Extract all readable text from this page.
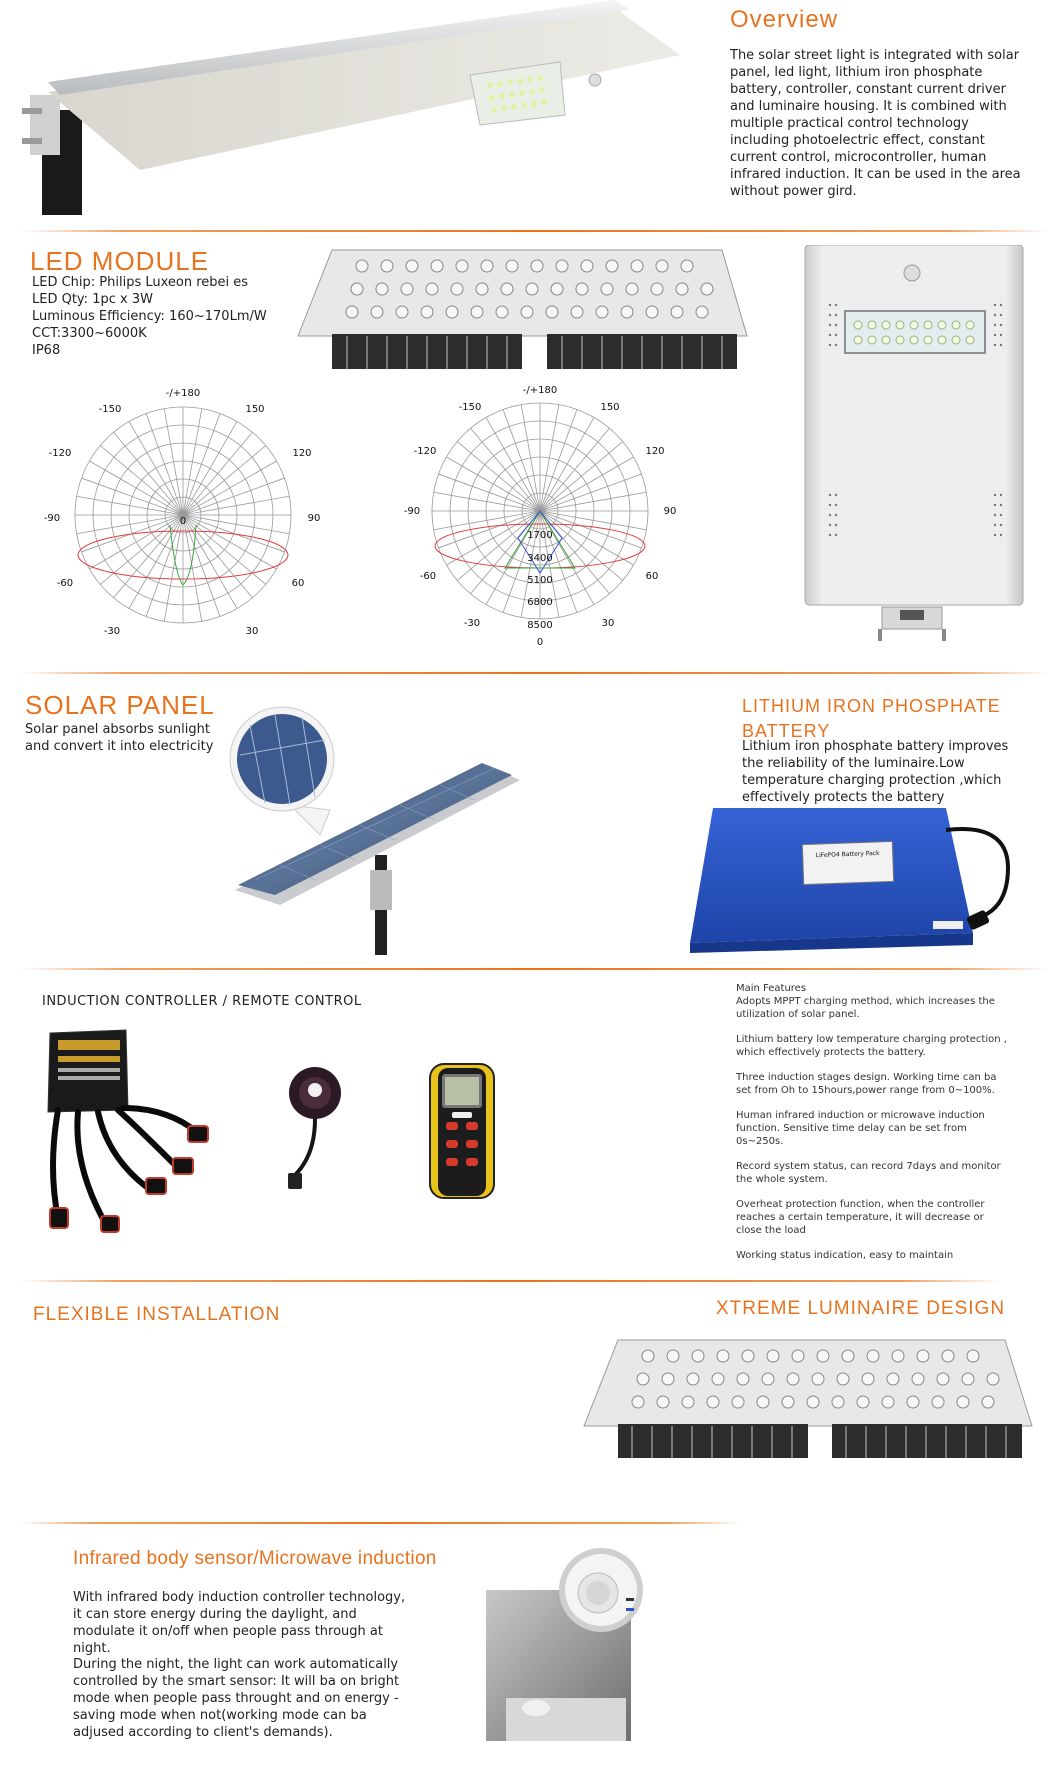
Overview

The solar street light is integrated with solar panel, led light, lithium iron phosphate battery, controller, constant current driver and luminaire housing. It is combined with multiple practical control technology including photoelectric effect, constant current control, microcontroller, human infrared induction. It can be used in the area without power gird.

LED MODULE
LED Chip: Philips Luxeon rebei es
LED Qty: 1pc x 3W
Luminous Efficiency: 160~170Lm/W
CCT:3300~6000K
IP68
-/+180
-150	150
-120	120
-90	90
-60	60
-30	30
0
-/+180
-150	150
-120	120
-90	90
-60	60
-30	30
0
1700
3400
5100
6800
8500
SOLAR PANEL

Solar panel absorbs sunlight and convert it into electricity

LITHIUM IRON PHOSPHATE BATTERY

Lithium iron phosphate battery improves the reliability of the luminaire.Low temperature charging protection ,which effectively protects the battery

LiFePO4 Battery Pack
INDUCTION CONTROLLER / REMOTE CONTROL
Main Features

Adopts MPPT charging method, which increases the utilization of solar panel.

Lithium battery low temperature charging protection , which effectively protects the battery.

Three induction stages design. Working time can ba set from Oh to 15hours,power range from 0~100%.

Human infrared induction or microwave induction function. Sensitive time delay can be set from 0s~250s.

Record system status, can record 7days and monitor the whole system.

Overheat protection function, when the controller reaches a certain temperature, it will decrease or close the load

Working status indication, easy to maintain

FLEXIBLE INSTALLATION	XTREME LUMINAIRE DESIGN
Infrared body sensor/Microwave induction

With infrared body induction controller technology, it can store energy during the daylight, and modulate it on/off when people pass through at night.

During the night, the light can work automatically controlled by the smart sensor: It will ba on bright mode when people pass throught and on energy -saving mode when not(working mode can ba adjused according to client's demands).
